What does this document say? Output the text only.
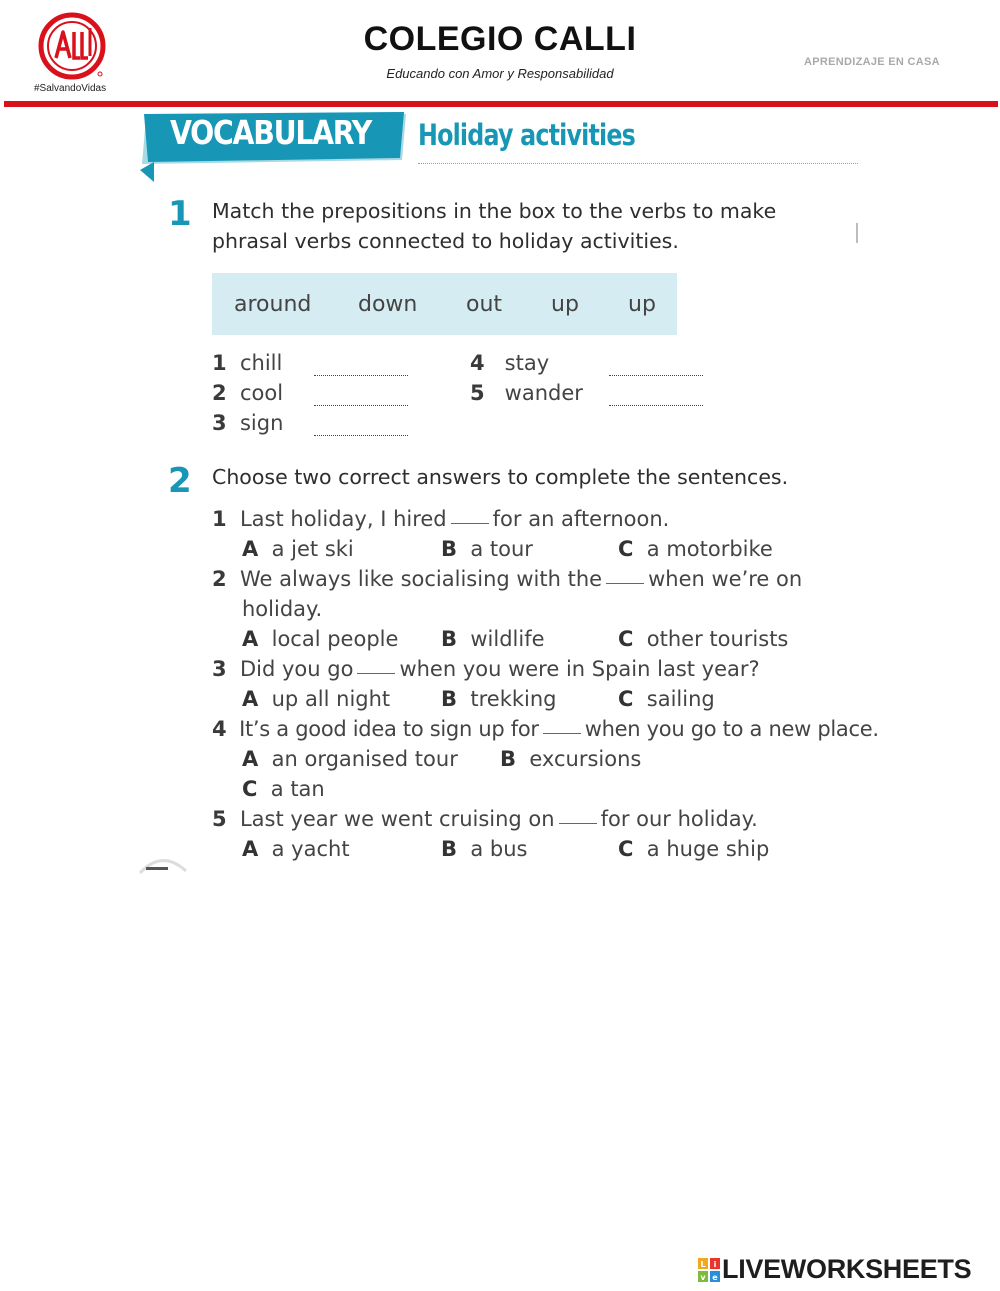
#SalvandoVidas
COLEGIO CALLI
Educando con Amor y Responsabilidad
APRENDIZAJE EN CASA
VOCABULARY Holiday activities
1 Match the prepositions in the box to the verbs to make
phrasal verbs connected to holiday activities.
around down out up up
1 chill
2 cool
3 sign
4 stay
5 wander
2 Choose two correct answers to complete the sentences.
1 Last holiday, I hired for an afternoon.
A a jet ski	B a tour	C a motorbike
2 We always like socialising with the when we’re on
holiday.
A local people B wildlife	C other tourists
3 Did you go when you were in Spain last year?
A up all night B trekking	C sailing
4 It’s a good idea to sign up for when you go to a new place.
A an organised tour B excursions
C a tan
5 Last year we went cruising on for our holiday.
A a yacht	B a bus	C a huge ship
L i
v e LIVEWORKSHEETS
